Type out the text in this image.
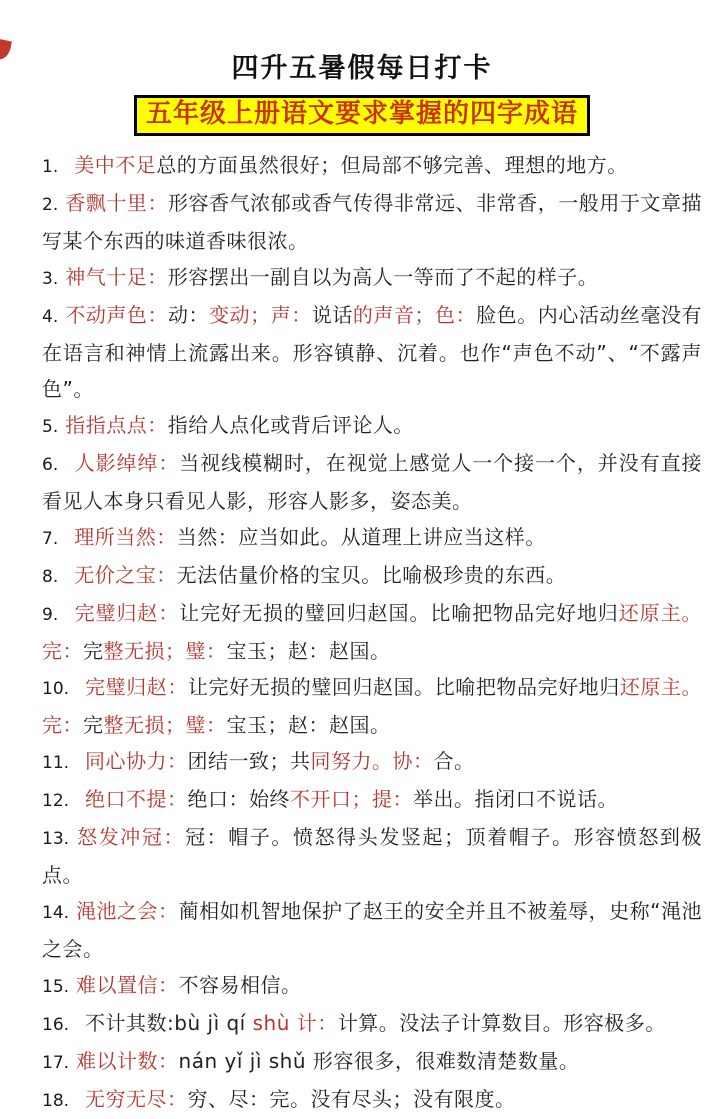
四升五暑假每日打卡
五年级上册语文要求掌握的四字成语

1. 美中不足总的方面虽然很好；但局部不够完善、理想的地方。

2. 香飘十里：形容香气浓郁或香气传得非常远、非常香，一般用于文章描写某个东西的味道香味很浓。

3. 神气十足：形容摆出一副自以为高人一等而了不起的样子。

4. 不动声色：动：变动；声：说话的声音；色：脸色。内心活动丝毫没有在语言和神情上流露出来。形容镇静、沉着。也作“声色不动”、“不露声色”。

5. 指指点点：指给人点化或背后评论人。

6. 人影绰绰：当视线模糊时，在视觉上感觉人一个接一个，并没有直接看见人本身只看见人影，形容人影多，姿态美。

7. 理所当然：当然：应当如此。从道理上讲应当这样。

8. 无价之宝：无法估量价格的宝贝。比喻极珍贵的东西。

9. 完璧归赵：让完好无损的璧回归赵国。比喻把物品完好地归还原主。完：完整无损；璧：宝玉；赵：赵国。

10. 完璧归赵：让完好无损的璧回归赵国。比喻把物品完好地归还原主。完：完整无损；璧：宝玉；赵：赵国。

11. 同心协力：团结一致；共同努力。协：合。

12. 绝口不提：绝口：始终不开口；提：举出。指闭口不说话。

13. 怒发冲冠：冠：帽子。愤怒得头发竖起；顶着帽子。形容愤怒到极点。

14. 渑池之会：蔺相如机智地保护了赵王的安全并且不被羞辱，史称“渑池之会。

15. 难以置信：不容易相信。

16. 不计其数:bù jì qí shù 计：计算。没法子计算数目。形容极多。

17. 难以计数：nán yǐ jì shǔ 形容很多，很难数清楚数量。

18. 无穷无尽：穷、尽：完。没有尽头；没有限度。
